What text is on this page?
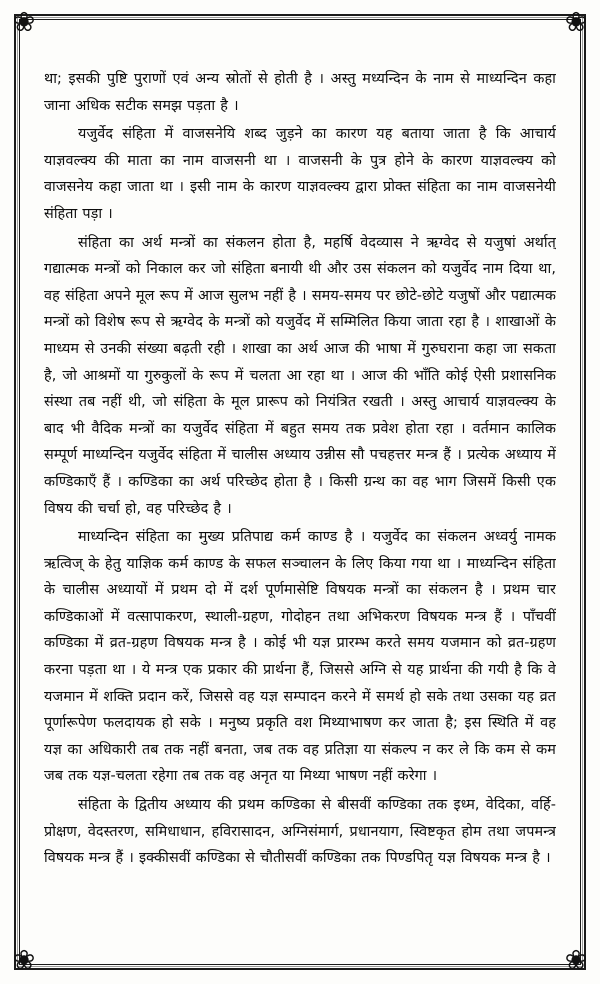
❀	❀
❀	❀

था; इसकी पुष्टि पुराणों एवं अन्य स्रोतों से होती है । अस्तु मध्यन्दिन के नाम से माध्यन्दिन कहा जाना अधिक सटीक समझ पड़ता है ।

यजुर्वेद संहिता में वाजसनेयि शब्द जुड़ने का कारण यह बताया जाता है कि आचार्य याज्ञवल्क्य की माता का नाम वाजसनी था । वाजसनी के पुत्र होने के कारण याज्ञवल्क्य को वाजसनेय कहा जाता था । इसी नाम के कारण याज्ञवल्क्य द्वारा प्रोक्त संहिता का नाम वाजसनेयी संहिता पड़ा ।

संहिता का अर्थ मन्त्रों का संकलन होता है, महर्षि वेदव्यास ने ऋग्वेद से यजुषां अर्थात् गद्यात्मक मन्त्रों को निकाल कर जो संहिता बनायी थी और उस संकलन को यजुर्वेद नाम दिया था, वह संहिता अपने मूल रूप में आज सुलभ नहीं है । समय-समय पर छोटे-छोटे यजुषों और पद्यात्मक मन्त्रों को विशेष रूप से ऋग्वेद के मन्त्रों को यजुर्वेद में सम्मिलित किया जाता रहा है । शाखाओं के माध्यम से उनकी संख्या बढ़ती रही । शाखा का अर्थ आज की भाषा में गुरुघराना कहा जा सकता है, जो आश्रमों या गुरुकुलों के रूप में चलता आ रहा था । आज की भाँति कोई ऐसी प्रशासनिक संस्था तब नहीं थी, जो संहिता के मूल प्रारूप को नियंत्रित रखती । अस्तु आचार्य याज्ञवल्क्य के बाद भी वैदिक मन्त्रों का यजुर्वेद संहिता में बहुत समय तक प्रवेश होता रहा । वर्तमान कालिक सम्पूर्ण माध्यन्दिन यजुर्वेद संहिता में चालीस अध्याय उन्नीस सौ पचहत्तर मन्त्र हैं । प्रत्येक अध्याय में कण्डिकाएँ हैं । कण्डिका का अर्थ परिच्छेद होता है । किसी ग्रन्थ का वह भाग जिसमें किसी एक विषय की चर्चा हो, वह परिच्छेद है ।

माध्यन्दिन संहिता का मुख्य प्रतिपाद्य कर्म काण्ड है । यजुर्वेद का संकलन अध्वर्यु नामक ऋत्विज् के हेतु याज्ञिक कर्म काण्ड के सफल सञ्चालन के लिए किया गया था । माध्यन्दिन संहिता के चालीस अध्यायों में प्रथम दो में दर्श पूर्णमासेष्टि विषयक मन्त्रों का संकलन है । प्रथम चार कण्डिकाओं में वत्सापाकरण, स्थाली-ग्रहण, गोदोहन तथा अभिकरण विषयक मन्त्र हैं । पाँचवीं कण्डिका में व्रत-ग्रहण विषयक मन्त्र है । कोई भी यज्ञ प्रारम्भ करते समय यजमान को व्रत-ग्रहण करना पड़ता था । ये मन्त्र एक प्रकार की प्रार्थना हैं, जिससे अग्नि से यह प्रार्थना की गयी है कि वे यजमान में शक्ति प्रदान करें, जिससे वह यज्ञ सम्पादन करने में समर्थ हो सके तथा उसका यह व्रत पूर्णारूपेण फलदायक हो सके । मनुष्य प्रकृति वश मिथ्याभाषण कर जाता है; इस स्थिति में वह यज्ञ का अधिकारी तब तक नहीं बनता, जब तक वह प्रतिज्ञा या संकल्प न कर ले कि कम से कम जब तक यज्ञ-चलता रहेगा तब तक वह अनृत या मिथ्या भाषण नहीं करेगा ।

संहिता के द्वितीय अध्याय की प्रथम कण्डिका से बीसवीं कण्डिका तक इध्म, वेदिका, वर्हि-प्रोक्षण, वेदस्तरण, समिधाधान, हविरासादन, अग्निसंमार्ग, प्रधानयाग, स्विष्टकृत होम तथा जपमन्त्र विषयक मन्त्र हैं । इक्कीसवीं कण्डिका से चौतीसवीं कण्डिका तक पिण्डपितृ यज्ञ विषयक मन्त्र है ।
